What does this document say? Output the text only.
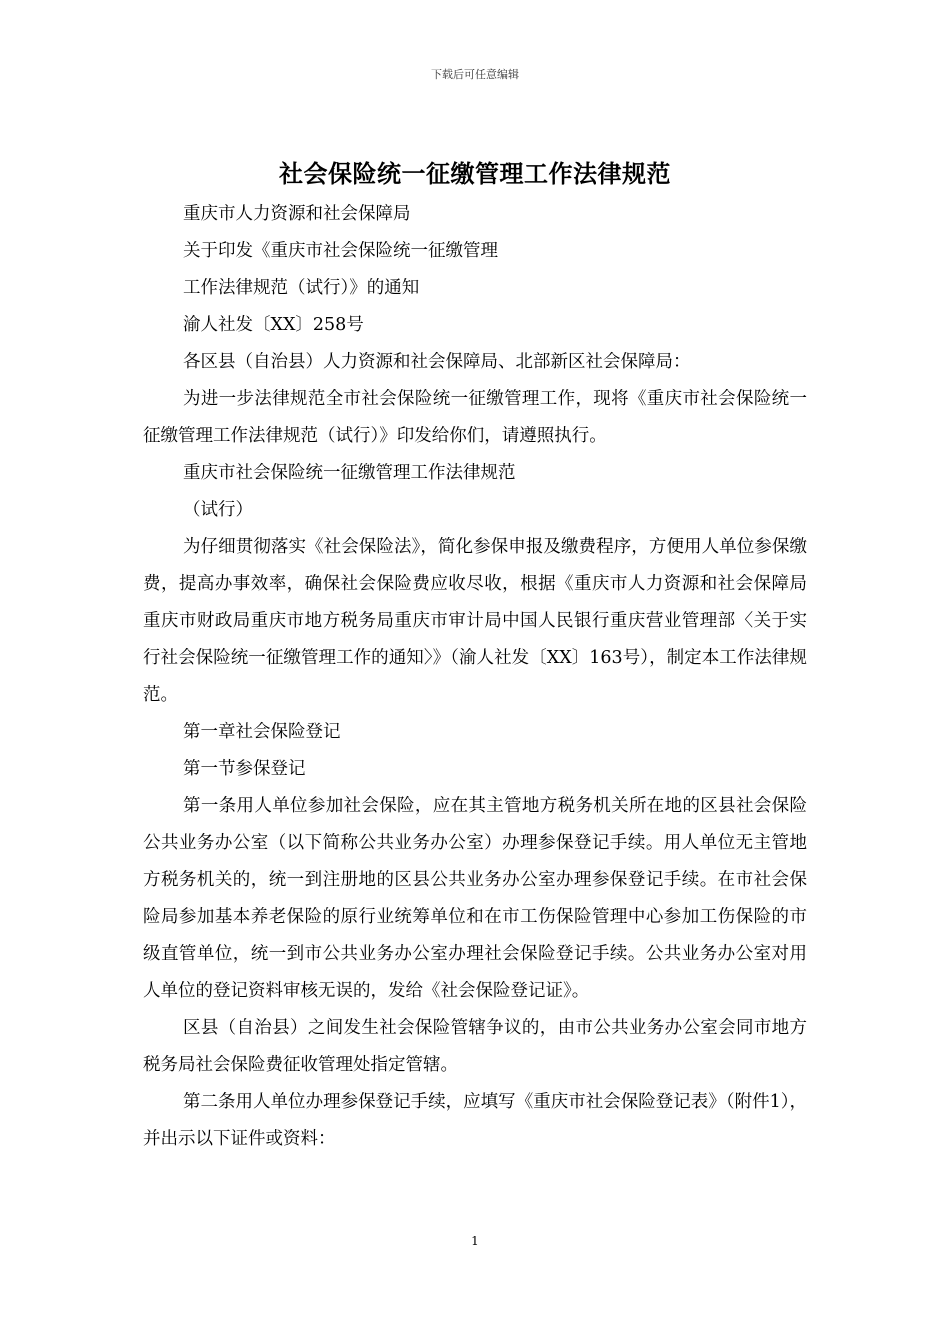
下载后可任意编辑
社会保险统一征缴管理工作法律规范

重庆市人力资源和社会保障局

关于印发《重庆市社会保险统一征缴管理

工作法律规范（试行）》的通知

渝人社发〔XX〕258号

各区县（自治县）人力资源和社会保障局、北部新区社会保障局：

为进一步法律规范全市社会保险统一征缴管理工作，现将《重庆市社会保险统一征缴管理工作法律规范（试行）》印发给你们，请遵照执行。

重庆市社会保险统一征缴管理工作法律规范

（试行）

为仔细贯彻落实《社会保险法》，简化参保申报及缴费程序，方便用人单位参保缴费，提高办事效率，确保社会保险费应收尽收，根据《重庆市人力资源和社会保障局重庆市财政局重庆市地方税务局重庆市审计局中国人民银行重庆营业管理部〈关于实行社会保险统一征缴管理工作的通知〉》（渝人社发〔XX〕163号），制定本工作法律规范。

第一章社会保险登记

第一节参保登记

第一条用人单位参加社会保险，应在其主管地方税务机关所在地的区县社会保险公共业务办公室（以下简称公共业务办公室）办理参保登记手续。用人单位无主管地方税务机关的，统一到注册地的区县公共业务办公室办理参保登记手续。在市社会保险局参加基本养老保险的原行业统筹单位和在市工伤保险管理中心参加工伤保险的市级直管单位，统一到市公共业务办公室办理社会保险登记手续。公共业务办公室对用人单位的登记资料审核无误的，发给《社会保险登记证》。

区县（自治县）之间发生社会保险管辖争议的，由市公共业务办公室会同市地方税务局社会保险费征收管理处指定管辖。

第二条用人单位办理参保登记手续，应填写《重庆市社会保险登记表》（附件1），并出示以下证件或资料：

1
